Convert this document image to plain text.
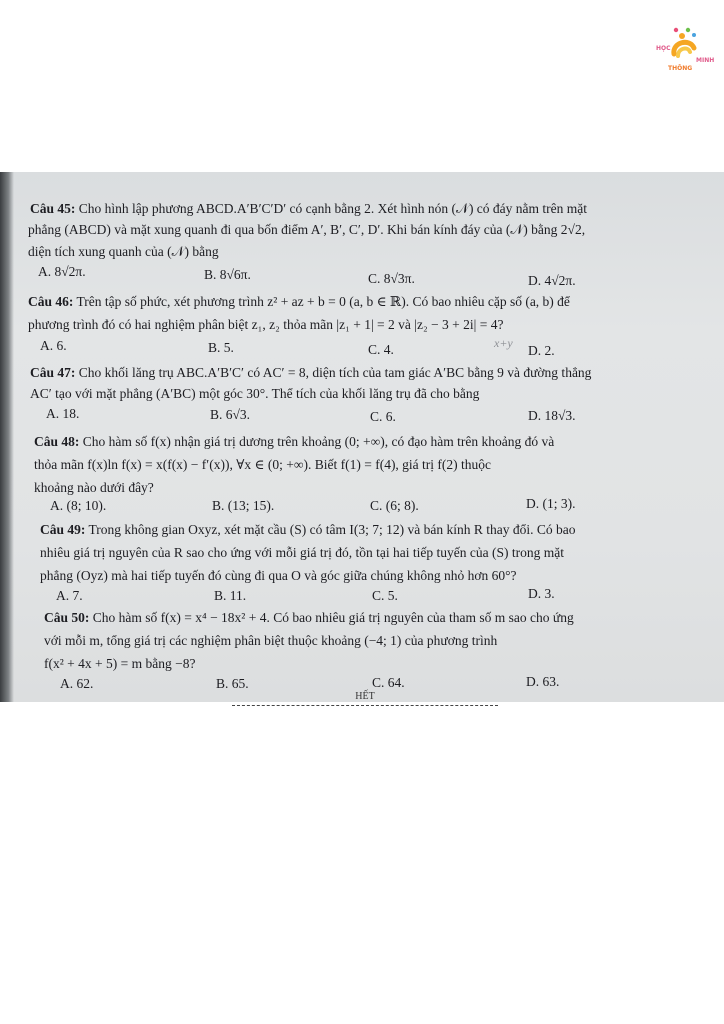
HỌC
THÔNG
MINH
Câu 45: Cho hình lập phương ABCD.A′B′C′D′ có cạnh bằng 2. Xét hình nón (𝒩) có đáy nằm trên mặt
phẳng (ABCD) và mặt xung quanh đi qua bốn điểm A′, B′, C′, D′. Khi bán kính đáy của (𝒩) bằng 2√2,
diện tích xung quanh của (𝒩) bằng
A. 8√2π.	B. 8√6π.	C. 8√3π.	D. 4√2π.
Câu 46: Trên tập số phức, xét phương trình z² + az + b = 0 (a, b ∈ ℝ). Có bao nhiêu cặp số (a, b) để
phương trình đó có hai nghiệm phân biệt z₁, z₂ thỏa mãn |z₁ + 1| = 2 và |z₂ − 3 + 2i| = 4?
A. 6.	B. 5.	C. 4.	D. 2.
x+y
Câu 47: Cho khối lăng trụ ABC.A′B′C′ có AC′ = 8, diện tích của tam giác A′BC bằng 9 và đường thẳng
AC′ tạo với mặt phẳng (A′BC) một góc 30°. Thể tích của khối lăng trụ đã cho bằng
A. 18.	B. 6√3.	C. 6.	D. 18√3.
Câu 48: Cho hàm số f(x) nhận giá trị dương trên khoảng (0; +∞), có đạo hàm trên khoảng đó và
thỏa mãn f(x)ln f(x) = x(f(x) − f′(x)), ∀x ∈ (0; +∞). Biết f(1) = f(4), giá trị f(2) thuộc
khoảng nào dưới đây?
A. (8; 10).	B. (13; 15).	C. (6; 8).	D. (1; 3).
Câu 49: Trong không gian Oxyz, xét mặt cầu (S) có tâm I(3; 7; 12) và bán kính R thay đổi. Có bao
nhiêu giá trị nguyên của R sao cho ứng với mỗi giá trị đó, tồn tại hai tiếp tuyến của (S) trong mặt
phẳng (Oyz) mà hai tiếp tuyến đó cùng đi qua O và góc giữa chúng không nhỏ hơn 60°?
A. 7.	B. 11.	C. 5.	D. 3.
Câu 50: Cho hàm số f(x) = x⁴ − 18x² + 4. Có bao nhiêu giá trị nguyên của tham số m sao cho ứng
với mỗi m, tổng giá trị các nghiệm phân biệt thuộc khoảng (−4; 1) của phương trình
f(x² + 4x + 5) = m bằng −8?
A. 62.	B. 65.	C. 64.	D. 63.
HẾT
